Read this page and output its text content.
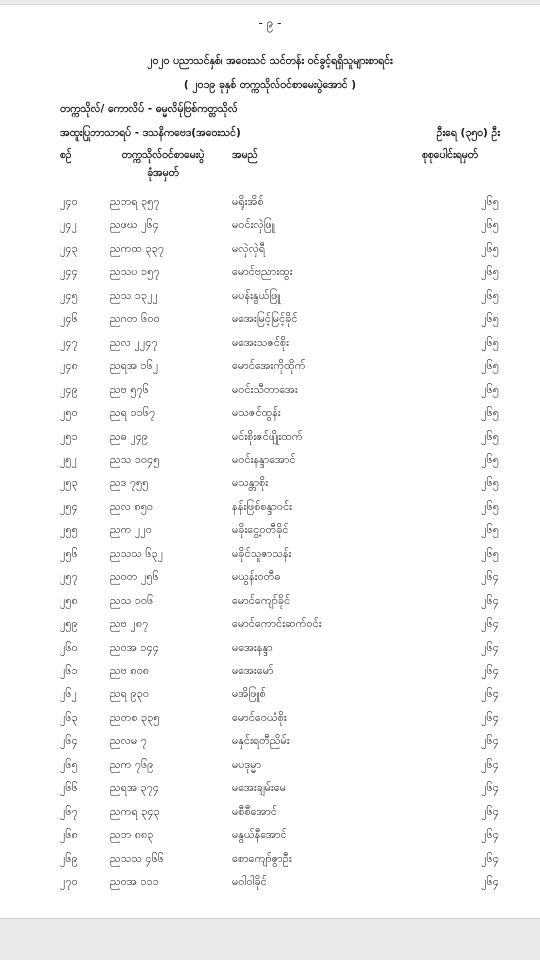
- ၉ -
၂၀၂၀ ပညာသင်နှစ်၊ အဝေးသင် သင်တန်း ဝင်ခွင့်ရရှိသူများစာရင်း
( ၂၀၁၉ ခုနှစ် တက္ကသိုလ်ဝင်စာမေးပွဲအောင် )
တက္ကသိုလ်/ ကောလိပ် - ဓမ္မလိမ်ုဗြစ်ကတ္တသိုလ်
အထူးပြုဘာသာရပ် - ဒသနိကဗေဒ(အဝေးသင်)	ဦးရေ (၃၅၀) ဦး
စဉ်	တက္ကသိုလ်ဝင်စာမေးပွဲ
ခုံအမှတ်
အမည်	စုစုပေါင်းရမှတ်
၂၄၀	ညဘရ ၃၅၇	မရိုးအိစ်	၂၆၅
၂၄၂	ညဖဃ ၂၆၄	မဝင်းလှဲဖြူ	၂၆၅
၂၄၃	ညကထ ၃၃၇	မလှဲလှဲရီ	၂၆၅
၂၄၄	ညသပ ၁၅၇	မောင်ဗညားထွး	၂၆၅
၂၄၅	ညသ ၁၃၂၂	မပန်းနွယ်ဖြူ	၂၆၅
၂၄၆	ညဂတ ၆၀၀	မအေးမြင့်မြင့်ခိုင်	၂၆၅
၂၄၇	ညလ ၂၂၄၇	မအေးသဇင်စိုး	၂၆၅
၂၄၈	ညရအ ၁၆၂	မောင်အေးကိုထိုက်	၂၆၅
၂၄၉	ညဗ ၅၇၆	မဝင်းသီတာအေး	၂၆၅
၂၅၀	ညရ ၁၁၆၇	မသဇင်ထွန်း	၂၆၅
၂၅၁	ညဓ ၂၄၉	မင်းစိုးဇင်ဖျိုးထက်	၂၆၅
၂၅၂	ညသ ၁၀၄၅	မဝင်းနန္ဒာအောင်	၂၆၅
၂၅၃	ညဒ ၇၅၅	မသန္တာစိုး	၂၆၅
၂၅၄	ညလ ၈၅၀	နန်းဖြစ်စန္ဒာဝင်း	၂၆၅
၂၅၅	ညက ၂၂၀	မခိုးငွေ့ဝတီခိုင်	၂၆၅
၂၅၆	ညသသ ၆၃၂	မခိုင်သူဇာသန်း	၂၆၅
၂၅၇	ညဝတ ၂၅၆	မယွန်းဝတီဓ	၂၆၄
၂၅၈	ညသ ၁၀၆	မောင်ကျော်ခိုင်	၂၆၄
၂၅၉	ညဗ ၂၈၇	မောင်ကောင်းဆက်ဝင်း	၂၆၄
၂၆၀	ညဝအ ၁၄၄	မအေးနန္ဒာ	၂၆၄
၂၆၁	ညဗ ၈၀၈	မအေးမော်	၂၆၄
၂၆၂	ညရ ၉၃၀	မအိဖြူစ်	၂၆၄
၂၆၃	ညတစ ၃၃၅	မောင်ဝေယံစိုး	၂၆၄
၂၆၄	ညလမ ၇	မနှင်းရတီညိမ်း	၂၆၄
၂၆၅	ညက ၇၆၉	မပဒုမ္မာ	၂၆၄
၂၆၆	ညရအ ၃၇၄	မအေးချမ်းမေ	၂၆၄
၂၆၇	ညကရ ၃၄၃	မစီစီအောင်	၂၆၄
၂၆၈	ညဘ ၈၈၃	မနွယ်နီအောင်	၂၆၄
၂၆၉	ညသသ ၄၆၆	စောကျော်ဇွာဦး	၂၆၄
၂၇၀	ညဝအ ၁၁၁	မဝါဝါခိုင်	၂၆၄
